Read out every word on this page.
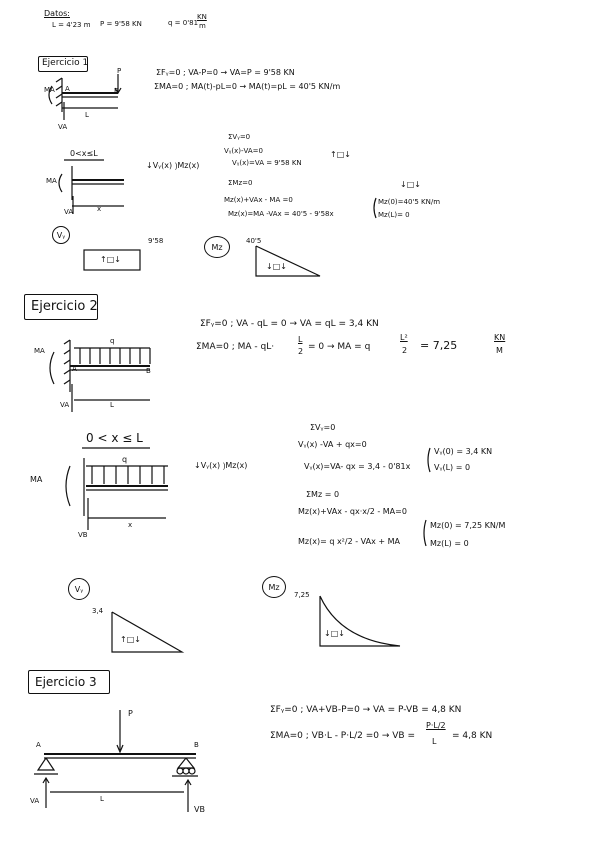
Datos:
L = 4'23 m P = 9'58 KN	q = 0'81
KN
m
Ejercicio 1
MA A
P
B
L
VA
ΣFᵧ=0 ; VA-P=0 → VA=P = 9'58 KN
ΣMA=0 ; MA(t)-pL=0 → MA(t)=pL = 40'5 KN/m
0<x≤L
MA
VA	x
↓Vᵧ(x) ⟯Mz(x)
ΣVᵧ=0
Vᵧ(x)-VA=0
Vᵧ(x)=VA = 9'58 KN
↑□↓
ΣMz=0	↓□↓
Mz(x)+VAx - MA =0
Mz(x)=MA -VAx = 40'5 - 9'58x
Mz(0)=40'5 KN/m
Mz(L)= 0
Vᵧ
↑□↓
9'58
Mz
40'5
↓□↓
Ejercicio 2
MA
q
A	B
L
VA
ΣFᵧ=0 ; VA - qL = 0 → VA = qL = 3,4 KN
ΣMA=0 ; MA - qL·
L
2 = 0 → MA = q
L²
2 = 7,25
KN
M
0 < x ≤ L
q
MA
VB
x
↓Vᵧ(x) ⟯Mz(x)
ΣVᵧ=0
Vᵧ(x) -VA + qx=0
Vᵧ(x)=VA- qx = 3,4 - 0'81x
Vᵧ(0) = 3,4 KN
Vᵧ(L) = 0
ΣMz = 0
Mz(x)+VAx - qx·x/2 - MA=0
Mz(x)= q x²/2 - VAx + MA
Mz(0) = 7,25 KN/M
Mz(L) = 0
Vᵧ
3,4
↑□↓
Mz
7,25
↓□↓
Ejercicio 3
P
A	B
VA
VB
L
ΣFᵧ=0 ; VA+VB-P=0 → VA = P-VB = 4,8 KN
ΣMA=0 ; VB·L - P·L/2 =0 → VB =
P·L/2
L
= 4,8 KN
